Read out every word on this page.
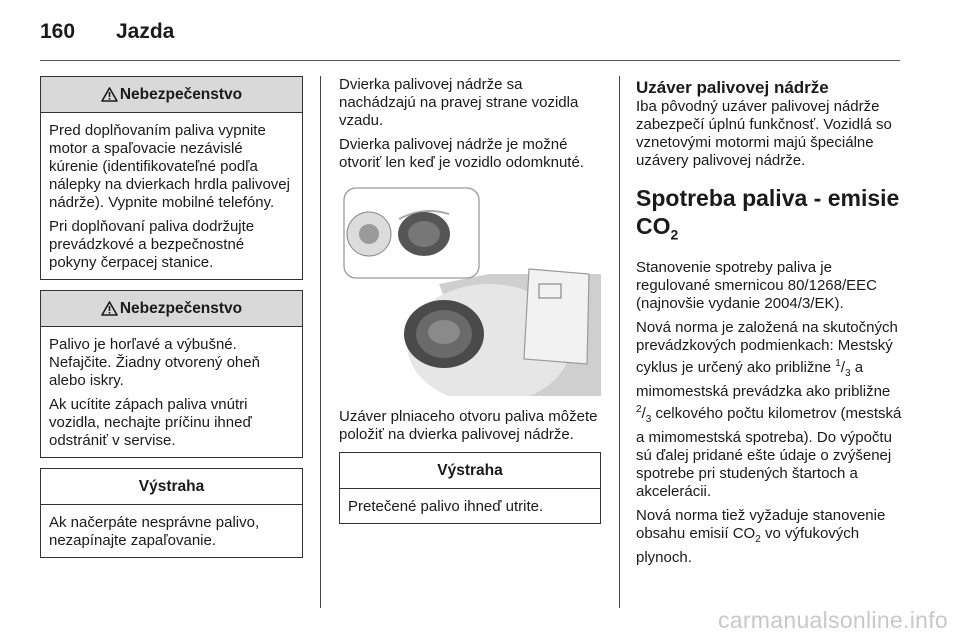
160	Jazda
Nebezpečenstvo

Pred doplňovaním paliva vypnite motor a spaľovacie nezávislé kúrenie (identifikovateľné podľa nálepky na dvierkach hrdla palivovej nádrže). Vypnite mobilné telefóny.

Pri doplňovaní paliva dodržujte prevádzkové a bezpečnostné pokyny čerpacej stanice.

Nebezpečenstvo

Palivo je horľavé a výbušné. Nefajčite. Žiadny otvorený oheň alebo iskry.

Ak ucítite zápach paliva vnútri vozidla, nechajte príčinu ihneď odstrániť v servise.

Výstraha

Ak načerpáte nesprávne palivo, nezapínajte zapaľovanie.

Dvierka palivovej nádrže sa nachádzajú na pravej strane vozidla vzadu.

Dvierka palivovej nádrže je možné otvoriť len keď je vozidlo odomknuté.

Uzáver plniaceho otvoru paliva môžete položiť na dvierka palivovej nádrže.

Výstraha

Pretečené palivo ihneď utrite.

Uzáver palivovej nádrže

Iba pôvodný uzáver palivovej nádrže zabezpečí úplnú funkčnosť. Vozidlá so vznetovými motormi majú špeciálne uzávery palivovej nádrže.

Spotreba paliva - emisie $CO_2$

Stanovenie spotreby paliva je regulované smernicou 80/1268/EEC (najnovšie vydanie 2004/3/EK).

Nová norma je založená na skutočných prevádzkových podmienkach: Mestský cyklus je určený ako približne $^1/_3$ a mimomestská prevádzka ako približne $^2/_3$ celkového počtu kilometrov (mestská a mimomestská spotreba). Do výpočtu sú ďalej pridané ešte údaje o zvýšenej spotrebe pri studených štartoch a akcelerácii.

Nová norma tiež vyžaduje stanovenie obsahu emisií $CO_2$ vo výfukových plynoch.

carmanualsonline.info
